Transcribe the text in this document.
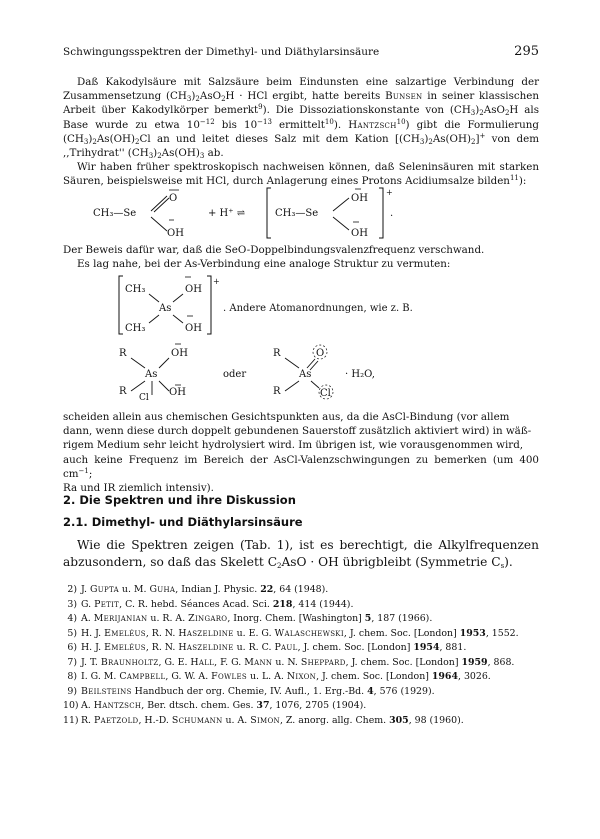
Schwingungsspektren der Dimethyl- und Diäthylarsinsäure	295

Daß Kakodylsäure mit Salzsäure beim Eindunsten eine salzartige Verbindung der Zusammensetzung $(CH_3)_2AsO_2H$ · HCl ergibt, hatte bereits Bunsen in seiner klassischen Arbeit über Kakodylkörper bemerkt$^9$). Die Dissoziationskonstante von $(CH_3)_2AsO_2H$ als Base wurde zu etwa $10^{-12}$ bis $10^{-13}$ ermittelt$^{10}$). Hantzsch$^{10}$) gibt die Formulierung $(CH_3)_2As(OH)_2Cl$ an und leitet dieses Salz mit dem Kation $[(CH_3)_2As(OH)_2]^+$ von dem ,,Trihydrat'' $(CH_3)_2As(OH)_3$ ab.

Wir haben früher spektroskopisch nachweisen können, daß Seleninsäuren mit starken Säuren, beispielsweise mit HCl, durch Anlagerung eines Protons Acidiumsalze bilden$^{11}$):

CH₃—Se
O
OH
+ H⁺ ⇌	CH₃—Se
OH
OH
+
.

Der Beweis dafür war, daß die SeO-Doppelbindungsvalenzfrequenz verschwand.

Es lag nahe, bei der As-Verbindung eine analoge Struktur zu vermuten:

CH₃	OH
As
CH₃	OH
+
. Andere Atomanordnungen, wie z. B.
R	OH
As
R
Cl OH
oder
R	O
As	· H₂O,
R	Cl

scheiden allein aus chemischen Gesichtspunkten aus, da die AsCl-Bindung (vor allem

dann, wenn diese durch doppelt gebundenen Sauerstoff zusätzlich aktiviert wird) in wäß-

rigem Medium sehr leicht hydrolysiert wird. Im übrigen ist, wie vorausgenommen wird,

auch keine Frequenz im Bereich der AsCl-Valenzschwingungen zu bemerken (um 400 $cm^{-1}$;

Ra und IR ziemlich intensiv).

2. Die Spektren und ihre Diskussion
2.1. Dimethyl- und Diäthylarsinsäure

Wie die Spektren zeigen (Tab. 1), ist es berechtigt, die Alkylfrequenzen abzusondern, so daß das Skelett $C_2AsO$ · OH übrigbleibt (Symmetrie $C_s$).

2) J. Gupta u. M. Guha, Indian J. Physic. 22, 64 (1948).
3) G. Petit, C. R. hebd. Séances Acad. Sci. 218, 414 (1944).
4) A. Merijanian u. R. A. Zingaro, Inorg. Chem. [Washington] 5, 187 (1966).
5) H. J. Emeléus, R. N. Haszeldine u. E. G. Walaschewski, J. chem. Soc. [London] 1953, 1552.
6) H. J. Emeléus, R. N. Haszeldine u. R. C. Paul, J. chem. Soc. [London] 1954, 881.
7) J. T. Braunholtz, G. E. Hall, F. G. Mann u. N. Sheppard, J. chem. Soc. [London] 1959, 868.
8) I. G. M. Campbell, G. W. A. Fowles u. L. A. Nixon, J. chem. Soc. [London] 1964, 3026.
9) Beilsteins Handbuch der org. Chemie, IV. Aufl., 1. Erg.-Bd. 4, 576 (1929).
10) A. Hantzsch, Ber. dtsch. chem. Ges. 37, 1076, 2705 (1904).
11) R. Paetzold, H.-D. Schumann u. A. Simon, Z. anorg. allg. Chem. 305, 98 (1960).
